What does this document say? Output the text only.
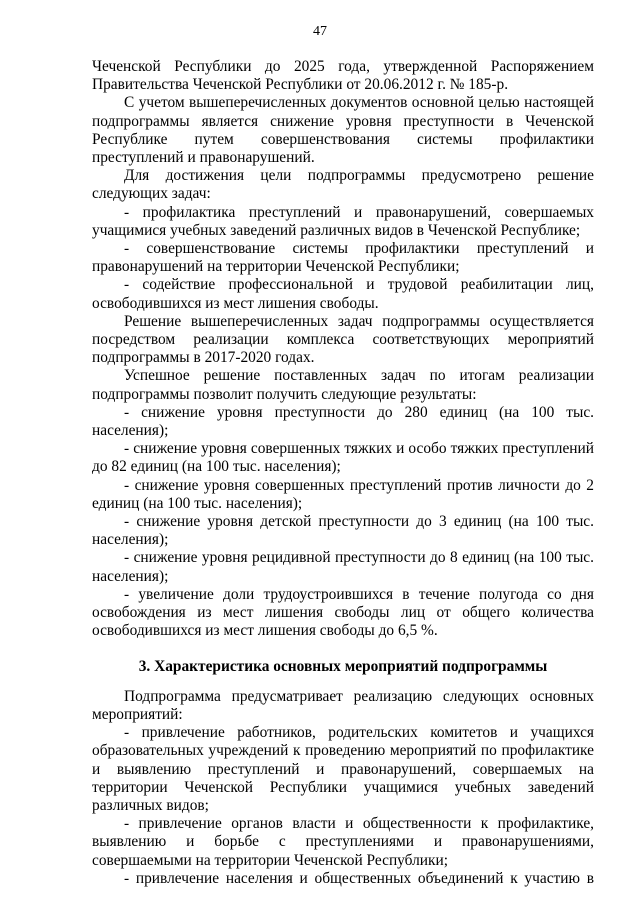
47

Чеченской Республики до 2025 года, утвержденной Распоряжением Правительства Чеченской Республики от 20.06.2012 г. № 185-р.

С учетом вышеперечисленных документов основной целью настоящей подпрограммы является снижение уровня преступности в Чеченской Республике путем совершенствования системы профилактики преступлений и правонарушений.

Для достижения цели подпрограммы предусмотрено решение следующих задач:

- профилактика преступлений и правонарушений, совершаемых учащимися учебных заведений различных видов в Чеченской Республике;

- совершенствование системы профилактики преступлений и правонарушений на территории Чеченской Республики;

- содействие профессиональной и трудовой реабилитации лиц, освободившихся из мест лишения свободы.

Решение вышеперечисленных задач подпрограммы осуществляется посредством реализации комплекса соответствующих мероприятий подпрограммы в 2017-2020 годах.

Успешное решение поставленных задач по итогам реализации подпрограммы позволит получить следующие результаты:

- снижение уровня преступности до 280 единиц (на 100 тыс. населения);

- снижение уровня совершенных тяжких и особо тяжких преступлений до 82 единиц (на 100 тыс. населения);

- снижение уровня совершенных преступлений против личности до 2 единиц (на 100 тыс. населения);

- снижение уровня детской преступности до 3 единиц (на 100 тыс. населения);

- снижение уровня рецидивной преступности до 8 единиц (на 100 тыс. населения);

- увеличение доли трудоустроившихся в течение полугода со дня освобождения из мест лишения свободы лиц от общего количества освободившихся из мест лишения свободы до 6,5 %.

3. Характеристика основных мероприятий подпрограммы

Подпрограмма предусматривает реализацию следующих основных мероприятий:

- привлечение работников, родительских комитетов и учащихся образовательных учреждений к проведению мероприятий по профилактике и выявлению преступлений и правонарушений, совершаемых на территории Чеченской Республики учащимися учебных заведений различных видов;

- привлечение органов власти и общественности к профилактике, выявлению и борьбе с преступлениями и правонарушениями, совершаемыми на территории Чеченской Республики;

- привлечение населения и общественных объединений к участию в
